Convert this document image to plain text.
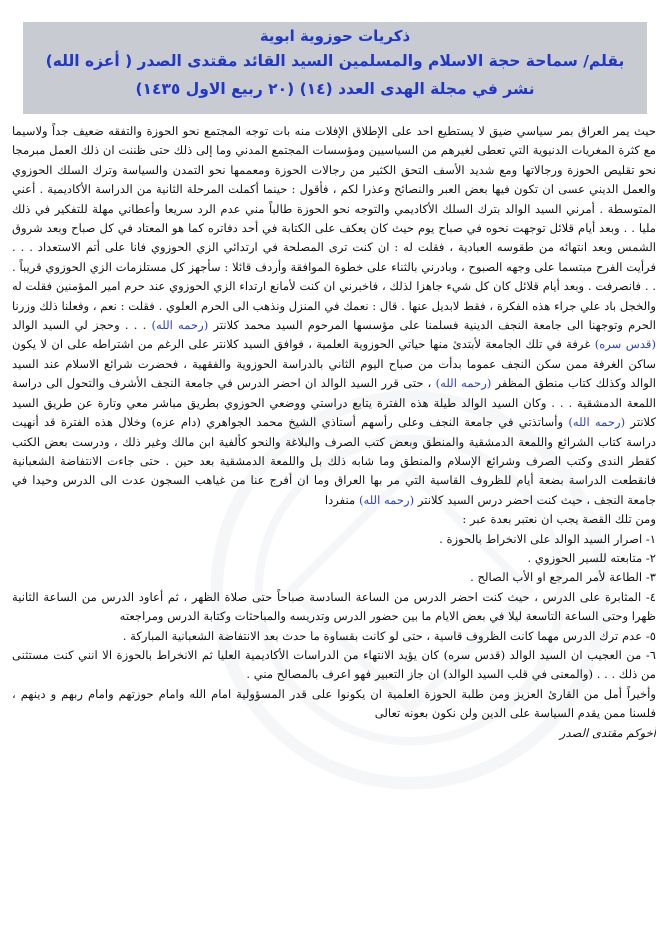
ذكريات حوزوية ابوية
بقلم/ سماحة حجة الاسلام والمسلمين السيد القائد مقتدى الصدر ( أعزه الله)
نشر في مجلة الهدى العدد (١٤) (٢٠ ربيع الاول ١٤٣٥)

حيث يمر العراق بمر سياسي ضيق لا يستطيع احد على الإطلاق الإفلات منه بات توجه المجتمع نحو الحوزة والتفقه ضعيف جداً ولاسيما مع كثرة المغريات الدنيوية التي تعطى لغيرهم من السياسيين ومؤسسات المجتمع المدني وما إلى ذلك حتى ظننت ان ذلك العمل مبرمجا نحو تقليص الحوزة ورجالاتها ومع شديد الأسف التحق الكثير من رجالات الحوزة ومعممها نحو التمدن والسياسة وترك السلك الحوزوي والعمل الديني عسى ان تكون فيها بعض العبر والنصائح وعذرا لكم ، فأقول : حينما أكملت المرحلة الثانية من الدراسة الأكاديمية . أعني المتوسطة . أمرني السيد الوالد بترك السلك الأكاديمي والتوجه نحو الحوزة طالباً مني عدم الرد سريعا وأعطاني مهلة للتفكير في ذلك مليا . . وبعد أيام قلائل توجهت نحوه في صباح يوم حيث كان يعكف على الكتابة في أحد دفاتره كما هو المعتاد في كل صباح وبعد شروق الشمس وبعد انتهائه من طقوسه العبادية ، فقلت له : ان كنت ترى المصلحة في ارتدائي الزي الحوزوي فانا على أتم الاستعداد . . . فرأيت الفرح مبتسما على وجهه الصبوح ، وبادرني بالثناء على خطوة الموافقة وأردف قائلا : سأجهز كل مستلزمات الزي الحوزوي قريباً . . . فانصرفت . وبعد أيام قلائل كان كل شيء جاهزا لذلك ، فاخبرني ان كنت لأمانع ارتداء الزي الحوزوي عند حرم امير المؤمنين فقلت له والخجل باد علي جراء هذه الفكرة ، فقط لابديل عنها . قال : نعمك في المنزل ونذهب الى الحرم العلوي . فقلت : نعم ، وفعلنا ذلك وزرنا الحرم وتوجهنا الى جامعة النجف الدينية فسلمنا على مؤسسها المرحوم السيد محمد كلانتر (رحمه الله) . . . وحجز لي السيد الوالد (قدس سره) غرفة في تلك الجامعة لأبتدئ منها حياتي الحوزوية العلمية ، فوافق السيد كلانتر على الرغم من اشتراطه على ان لا يكون ساكن الغرفة ممن سكن النجف عموما بدأت من صباح اليوم الثاني بالدراسة الحوزوية والفقهية ، فحضرت شرائع الاسلام عند السيد الوالد وكذلك كتاب منطق المظفر (رحمه الله) ، حتى قرر السيد الوالد ان احضر الدرس في جامعة النجف الأشرف والتحول الى دراسة اللمعة الدمشقية . . . وكان السيد الوالد طيلة هذه الفترة يتابع دراستي ووضعي الحوزوي بطريق مباشر معي وتارة عن طريق السيد كلانتر (رحمه الله) وأساتذتي في جامعة النجف وعلى رأسهم أستاذي الشيخ محمد الجواهري (دام عزه) وخلال هذه الفترة قد أنهيت دراسة كتاب الشرائع واللمعة الدمشقية والمنطق وبعض كتب الصرف والبلاغة والنحو كألفية ابن مالك وغير ذلك ، ودرست بعض الكتب كقطر الندى وكتب الصرف وشرائع الإسلام والمنطق وما شابه ذلك بل واللمعة الدمشقية بعد حين . حتى جاءت الانتفاضة الشعبانية فانقطعت الدراسة بضعة أيام للظروف القاسية التي مر بها العراق وما ان أفرج عنا من غياهب السجون عدت الى الدرس وحيدا في جامعة النجف ، حيث كنت احضر درس السيد كلانتر (رحمه الله) منفردا

ومن تلك القصة يجب ان نعتبر بعدة عبر :

١- اصرار السيد الوالد على الانخراط بالحوزة .
٢- متابعته للسير الحوزوي .
٣- الطاعة لأمر المرجع او الأب الصالح .
٤- المثابرة على الدرس ، حيث كنت احضر الدرس من الساعة السادسة صباحاً حتى صلاة الظهر ، ثم أعاود الدرس من الساعة الثانية ظهرا وحتى الساعة التاسعة ليلا في بعض الايام ما بين حضور الدرس وتدريسه والمباحثات وكتابة الدرس ومراجعته
٥- عدم ترك الدرس مهما كانت الظروف قاسية ، حتى لو كانت بقساوة ما حدث بعد الانتفاضة الشعبانية المباركة .
٦- من العجيب ان السيد الوالد (قدس سره) كان يؤيد الانتهاء من الدراسات الأكاديمية العليا ثم الانخراط بالحوزة الا انني كنت مستثنى من ذلك . . . (والمعنى في قلب السيد الوالد) ان جاز التعبير فهو اعرف بالمصالح مني .

وأخيراً أمل من القارئ العزيز ومن طلبة الحوزة العلمية ان يكونوا على قدر المسؤولية امام الله وامام حوزتهم وامام ربهم و دينهم ، فلسنا ممن يقدم السياسة على الدين ولن نكون بعونه تعالى

أخوكم مقتدى الصدر
